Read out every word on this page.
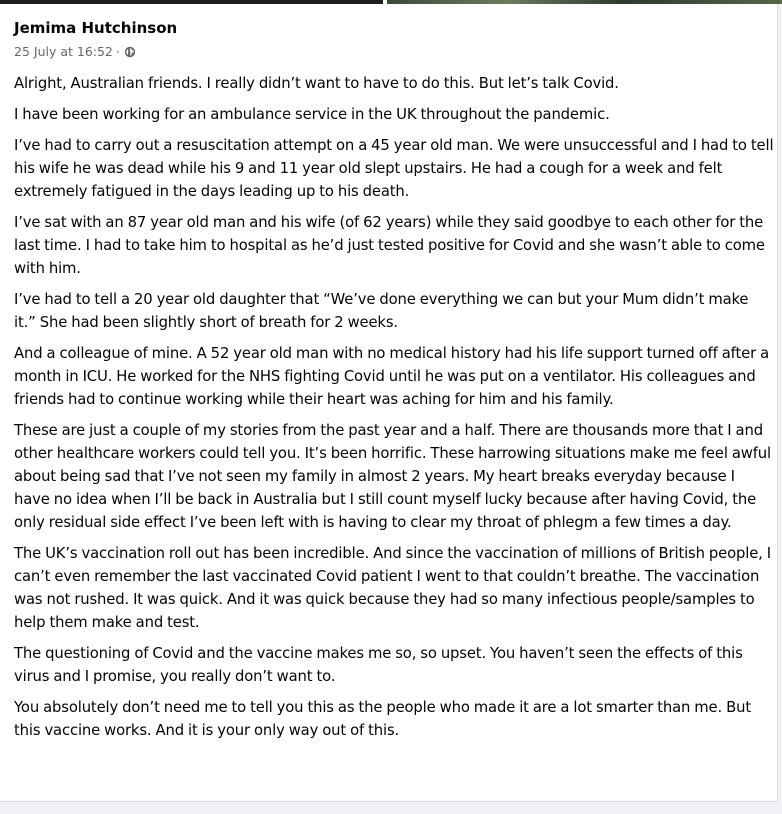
Jemima Hutchinson
25 July at 16:52 ·

Alright, Australian friends. I really didn’t want to have to do this. But let’s talk Covid.

I have been working for an ambulance service in the UK throughout the pandemic.

I’ve had to carry out a resuscitation attempt on a 45 year old man. We were unsuccessful and I had to tell his wife he was dead while his 9 and 11 year old slept upstairs. He had a cough for a week and felt extremely fatigued in the days leading up to his death.

I’ve sat with an 87 year old man and his wife (of 62 years) while they said goodbye to each other for the last time. I had to take him to hospital as he’d just tested positive for Covid and she wasn’t able to come with him.

I’ve had to tell a 20 year old daughter that “We’ve done everything we can but your Mum didn’t make it.” She had been slightly short of breath for 2 weeks.

And a colleague of mine. A 52 year old man with no medical history had his life support turned off after a month in ICU. He worked for the NHS fighting Covid until he was put on a ventilator. His colleagues and friends had to continue working while their heart was aching for him and his family.

These are just a couple of my stories from the past year and a half. There are thousands more that I and other healthcare workers could tell you. It’s been horrific. These harrowing situations make me feel awful about being sad that I’ve not seen my family in almost 2 years. My heart breaks everyday because I have no idea when I’ll be back in Australia but I still count myself lucky because after having Covid, the only residual side effect I’ve been left with is having to clear my throat of phlegm a few times a day.

The UK’s vaccination roll out has been incredible. And since the vaccination of millions of British people, I can’t even remember the last vaccinated Covid patient I went to that couldn’t breathe. The vaccination was not rushed. It was quick. And it was quick because they had so many infectious people/samples to help them make and test.

The questioning of Covid and the vaccine makes me so, so upset. You haven’t seen the effects of this virus and I promise, you really don’t want to.

You absolutely don’t need me to tell you this as the people who made it are a lot smarter than me. But this vaccine works. And it is your only way out of this.
